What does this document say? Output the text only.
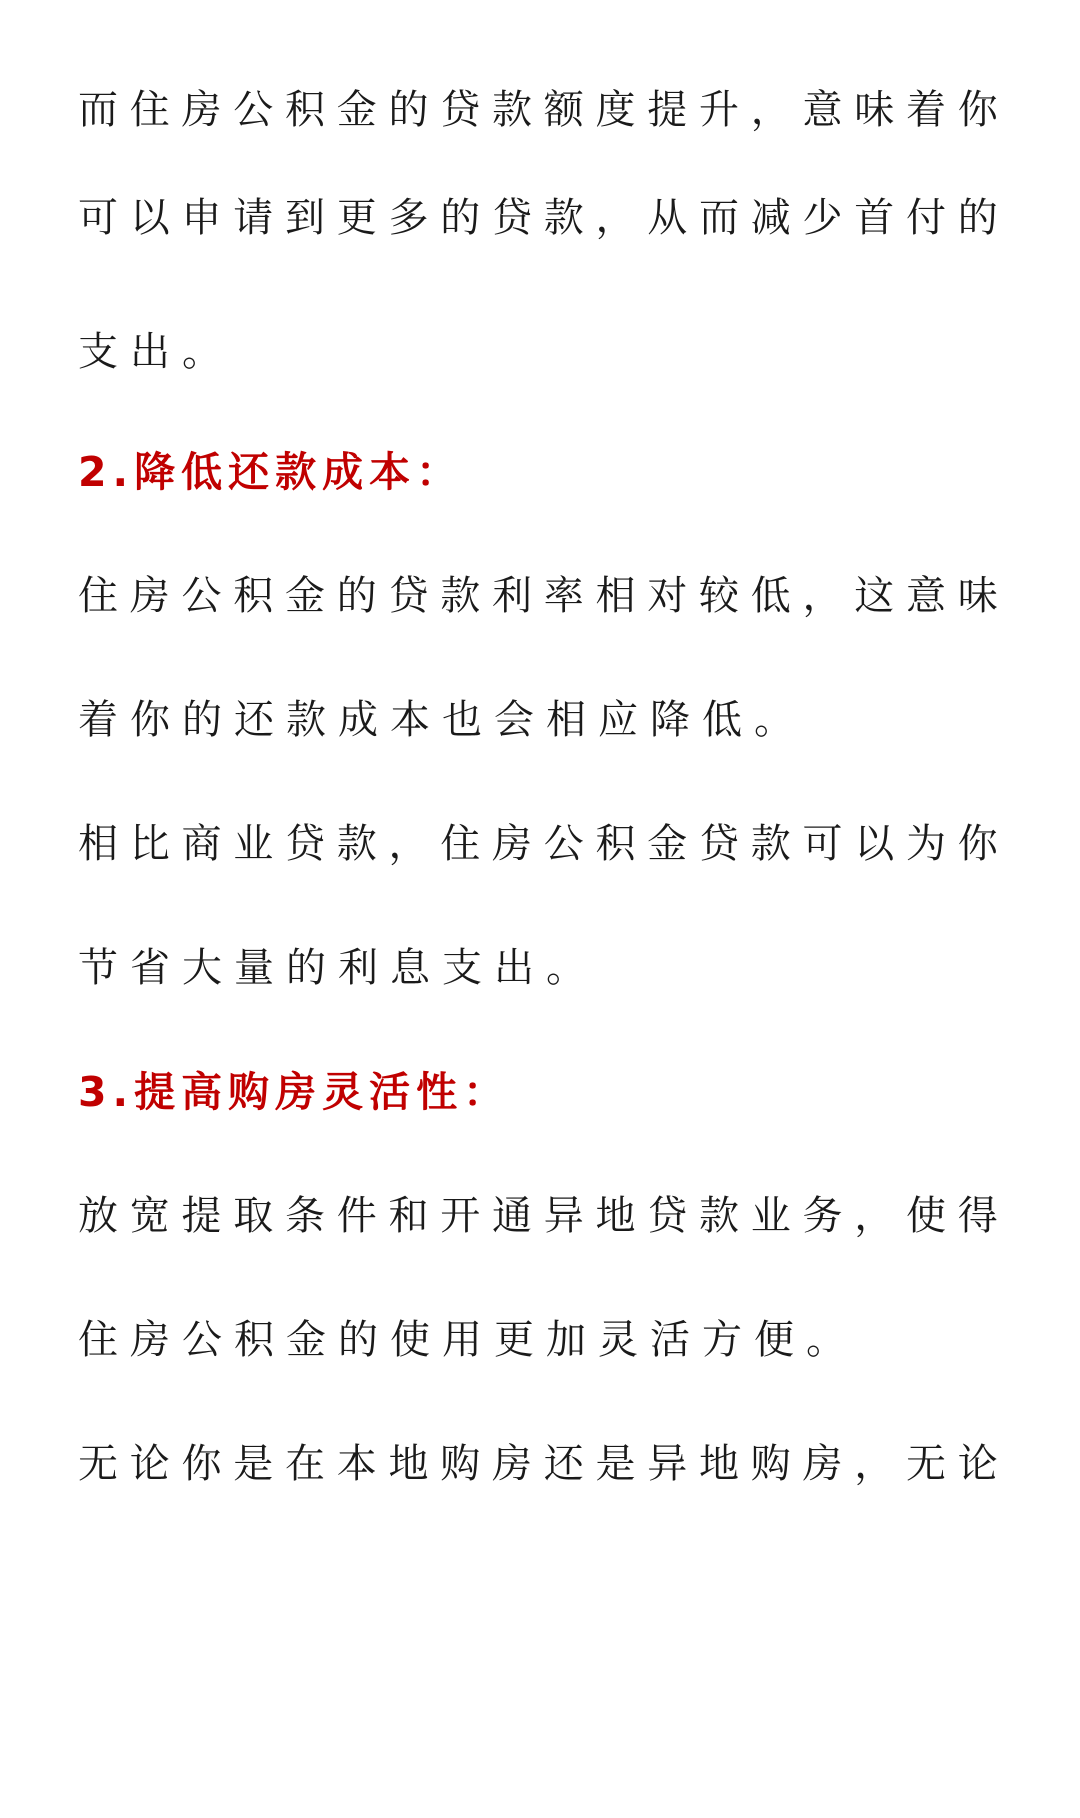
而 住 房 公 积 金 的 贷 款 额 度 提 升 ， 意 味 着 你
可 以 申 请 到 更 多 的 贷 款 ， 从 而 减 少 首 付 的
支出。
2.降低还款成本：
住 房 公 积 金 的 贷 款 利 率 相 对 较 低 ， 这 意 味
着你的还款成本也会相应降低。
相 比 商 业 贷 款 ， 住 房 公 积 金 贷 款 可 以 为 你
节省大量的利息支出。
3.提高购房灵活性：
放 宽 提 取 条 件 和 开 通 异 地 贷 款 业 务 ， 使 得
住房公积金的使用更加灵活方便。
无 论 你 是 在 本 地 购 房 还 是 异 地 购 房 ， 无 论
